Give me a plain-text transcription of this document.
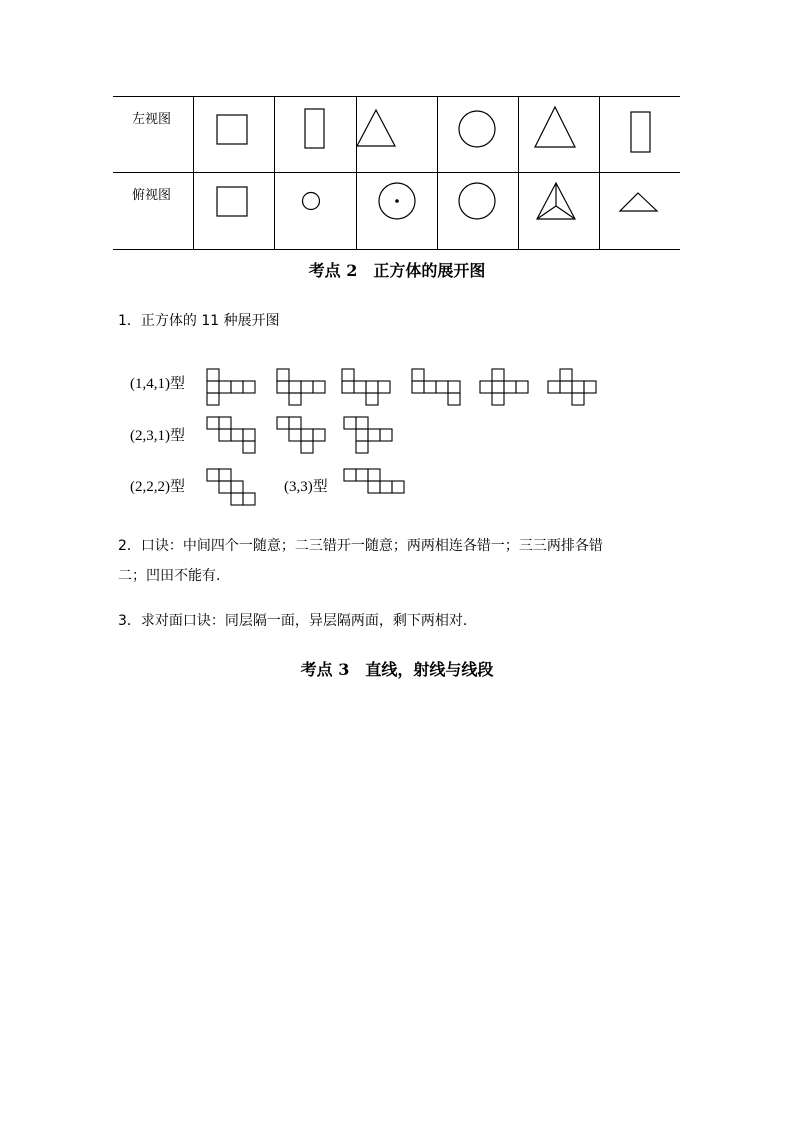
左视图
俯视图
考点 2　正方体的展开图
1．正方体的 11 种展开图
(1,4,1)型
(2,3,1)型
(2,2,2)型	(3,3)型
2．口诀：中间四个一随意；二三错开一随意；两两相连各错一；三三两排各错
二；凹田不能有．
3．求对面口诀：同层隔一面，异层隔两面，剩下两相对．
考点 3　直线，射线与线段
